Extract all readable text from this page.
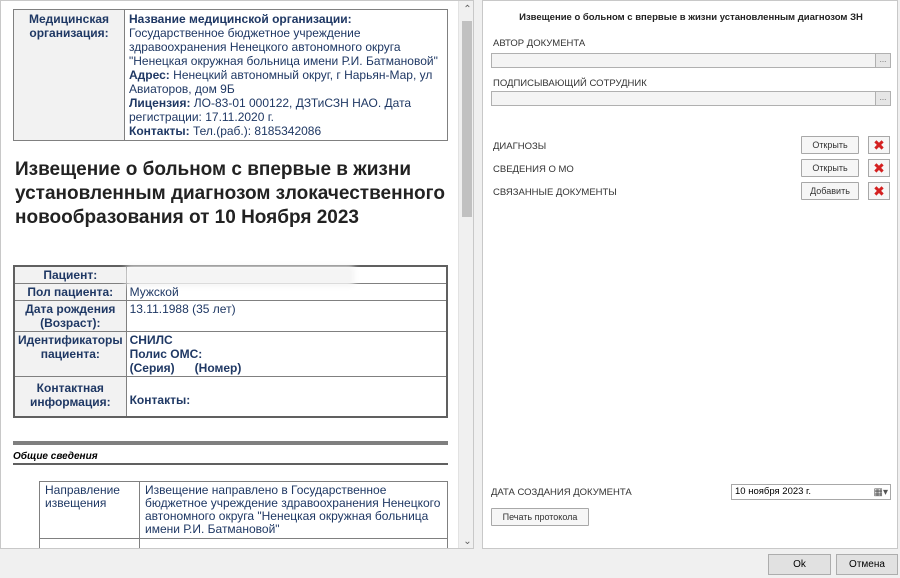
Медицинская организация:	Название медицинской организации: Государственное бюджетное учреждение здравоохранения Ненецкого автономного округа "Ненецкая окружная больница имени Р.И. Батмановой"
Адрес: Ненецкий автономный округ, г Нарьян-Мар, ул Авиаторов, дом 9Б
Лицензия: ЛО-83-01 000122, ДЗТиСЗН НАО. Дата регистрации: 17.11.2020 г.
Контакты: Тел.(раб.): 8185342086
Извещение о больном с впервые в жизни установленным диагнозом злокачественного новообразования от 10 Ноября 2023
Пациент:	
Пол пациента:	Мужской
Дата рождения (Возраст):	13.11.1988 (35 лет)
Идентификаторы пациента:	СНИЛС
Полис ОМС:
(Серия) (Номер)
Контактная информация:	Контакты:
Общие сведения
Направление извещения	Извещение направлено в Государственное бюджетное учреждение здравоохранения Ненецкого автономного округа "Ненецкая окружная больница имени Р.И. Батмановой"

⌃
⌄
Извещение о больном с впервые в жизни установленным диагнозом ЗН
АВТОР ДОКУМЕНТА
...
ПОДПИСЫВАЮЩИЙ СОТРУДНИК
...
ДИАГНОЗЫ	Открыть	✖
СВЕДЕНИЯ О МО	Открыть	✖
СВЯЗАННЫЕ ДОКУМЕНТЫ	Добавить	✖
ДАТА СОЗДАНИЯ ДОКУМЕНТА	10 ноября 2023 г.	▦▾
Печать протокола
Ok	Отмена
